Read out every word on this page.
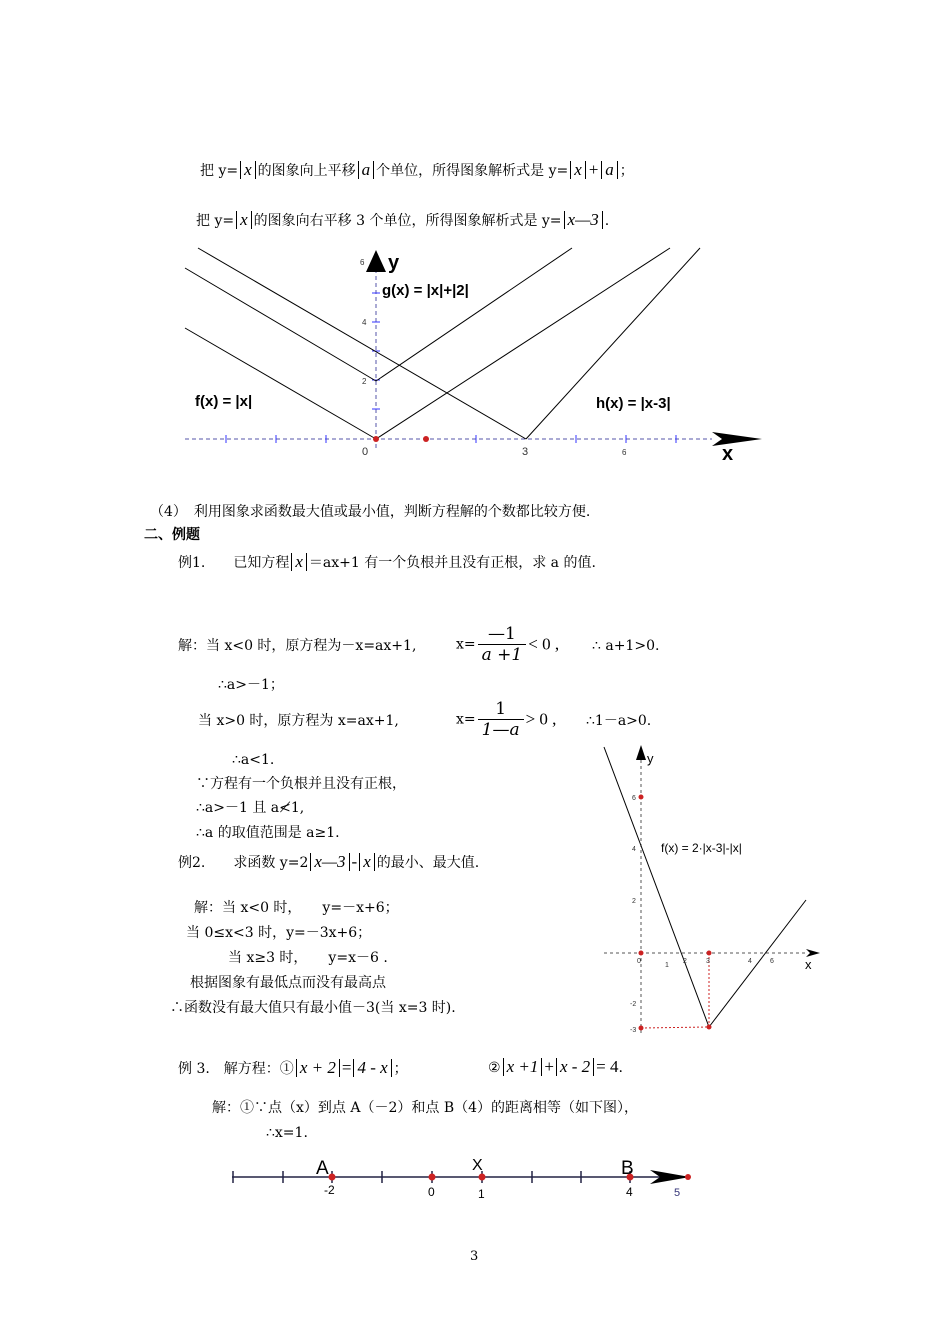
把 y= x 的图象向上平移 a 个单位，所得图象解析式是 y= x + a ；
把 y= x 的图象向右平移 3 个单位，所得图象解析式是 y= x—3 .
y
x
g(x) = |x|+|2|
f(x) = |x|	h(x) = |x-3|
6
4
2
0	3	6
y
x
f(x) = 2·|x-3|-|x|
6
4
2
-2
-3
0
1
2	3	4	6
A	X	B
-2	0	1	4	5
（4）　利用图象求函数最大值或最小值，判断方程解的个数都比较方便.
二、例题
例1.　　已知方程 x ＝ax+1 有一个负根并且没有正根，求 a 的值.
解：当 x<0 时，原方程为－x=ax+1,	$x= \frac{—1}{a +1} < 0$ , ∴ a+1>0.
∴a>－1；
当 x>0 时，原方程为 x=ax+1,	$x= \frac{1}{1—a} > 0$ , ∴1－a>0.
∴a<1.
∵方程有一个负根并且没有正根，
∴a>－1 且 a≮1,
∴a 的取值范围是 a≥1.
例2.　　求函数 y=2 x—3 - x 的最小、最大值.
解：当 x<0 时，　　y=－x+6；
当 0≤x<3 时，y=－3x+6；
当 x≥3 时，　　y=x－6 .
根据图象有最低点而没有最高点
∴函数没有最大值只有最小值－3(当 x=3 时).
例 3.　解方程：① x + 2 = 4 - x ；	② x +1 + x - 2 = 4.
解：①∵点（x）到点 A（－2）和点 B（4）的距离相等（如下图），
∴x=1.
3
